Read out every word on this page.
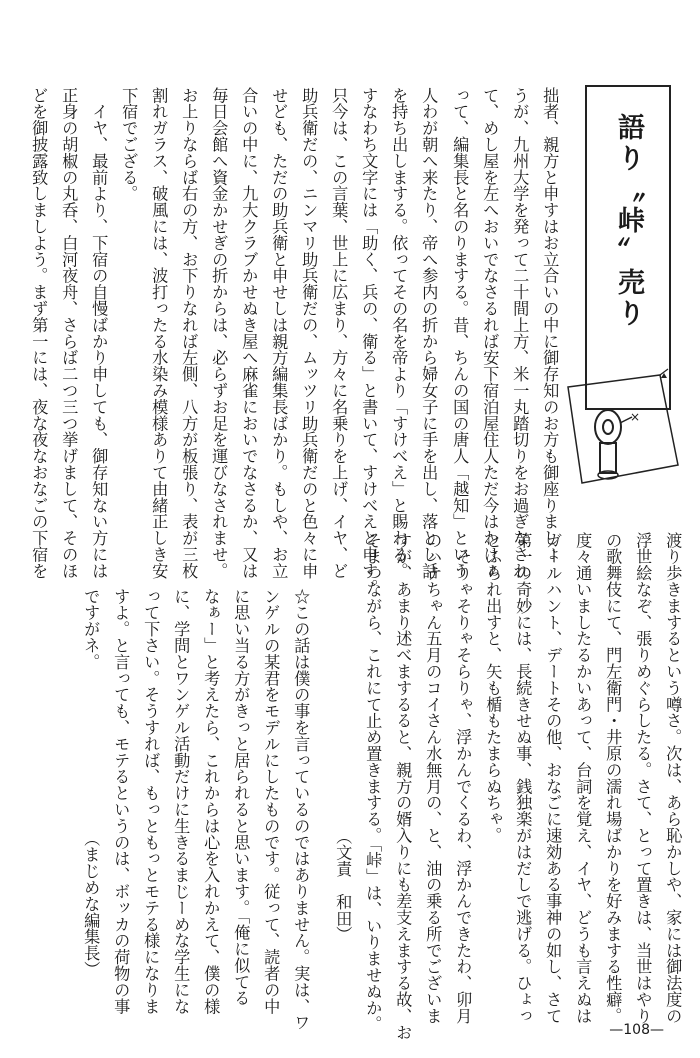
語り〝峠〟売り
×
拙者、親方と申すはお立合いの中に御存知のお方も御座りましょ
うが、九州大学を発って二十間上方、米一丸踏切りをお過ぎなされ
て、めし屋を左へおいでなさるれば安下宿泊屋住人ただ今はわけぁ
って、編集長と名のりまする。昔、ちんの国の唐人「越知」という
人わが朝へ来たり、帝へ参内の折から婦女子に手を出し、落とし話
を持ち出しまする。依ってその名を帝より「すけべえ」と賜わる。
すなわち文字には「助く、兵の、衛る」と書いて、すけべえと申す。
只今は、この言葉、世上に広まり、方々に名乗りを上げ、イヤ、ど
助兵衛だの、ニンマリ助兵衛だの、ムッツリ助兵衛だのと色々に申
せども、ただの助兵衛と申せしは親方編集長ばかり。もしや、お立
合いの中に、九大クラブかせぬき屋へ麻雀においでなさるか、又は
毎日会館へ資金かせぎの折からは、必らずお足を運びなされませ。
お上りならば右の方、お下りなれば左側、八方が板張り、表が三枚
割れガラス、破風には、波打ったる水染み模様ありて由緒正しき安
下宿でござる。
　イヤ、最前より、下宿の自慢ばかり申しても、御存知ない方には
正身の胡椒の丸呑、白河夜舟、さらば二つ三つ挙げまして、そのほ
どを御披露致しましよう。まず第一には、夜な夜なおなごの下宿を
渡り歩きまするという噂さ。次は、あら恥かしや、家には御法度の
浮世絵なぞ、張りめぐらしたる。さて、とって置きは、当世はやり
の歌舞伎にて、門左衛門・井原の濡れ場ばかりを好みまする性癖。
度々通いましたるかいあって、台詞を覚え、イヤ、どうも言えぬは
ガールハント、デートその他、おなごに速効ある事神の如し、さて
第一の奇妙には、長続きせぬ事、銭独楽がはだしで逃げる。ひょっ
とふられ出すと、矢も楯もたまらぬちゃ。
　そりゃそりゃそらりゃ、浮かんでくるわ、浮かんできたわ、卯月
のハナちゃん五月のコイさん水無月の、と、油の乗る所でございま
すが、あまり述べまするると、親方の婿入りにも差支えまする故、お
そまつながら、これにて止め置きまする。「峠」は、いりませぬか。
（文責　和田）
☆この話は僕の事を言っているのではありません。実は、ワ
ンゲルの某君をモデルにしたものです。従って、読者の中
に思い当る方がきっと居られると思います。「俺に似てる
なぁー」と考えたら、これからは心を入れかえて、僕の様
に、学問とワンゲル活動だけに生きるまじーめな学生にな
って下さい。そうすれば、もっともっとモテる様になりま
すよ。と言っても、モテるというのは、ボッカの荷物の事
ですがネ。
（まじめな編集長）
—108—
